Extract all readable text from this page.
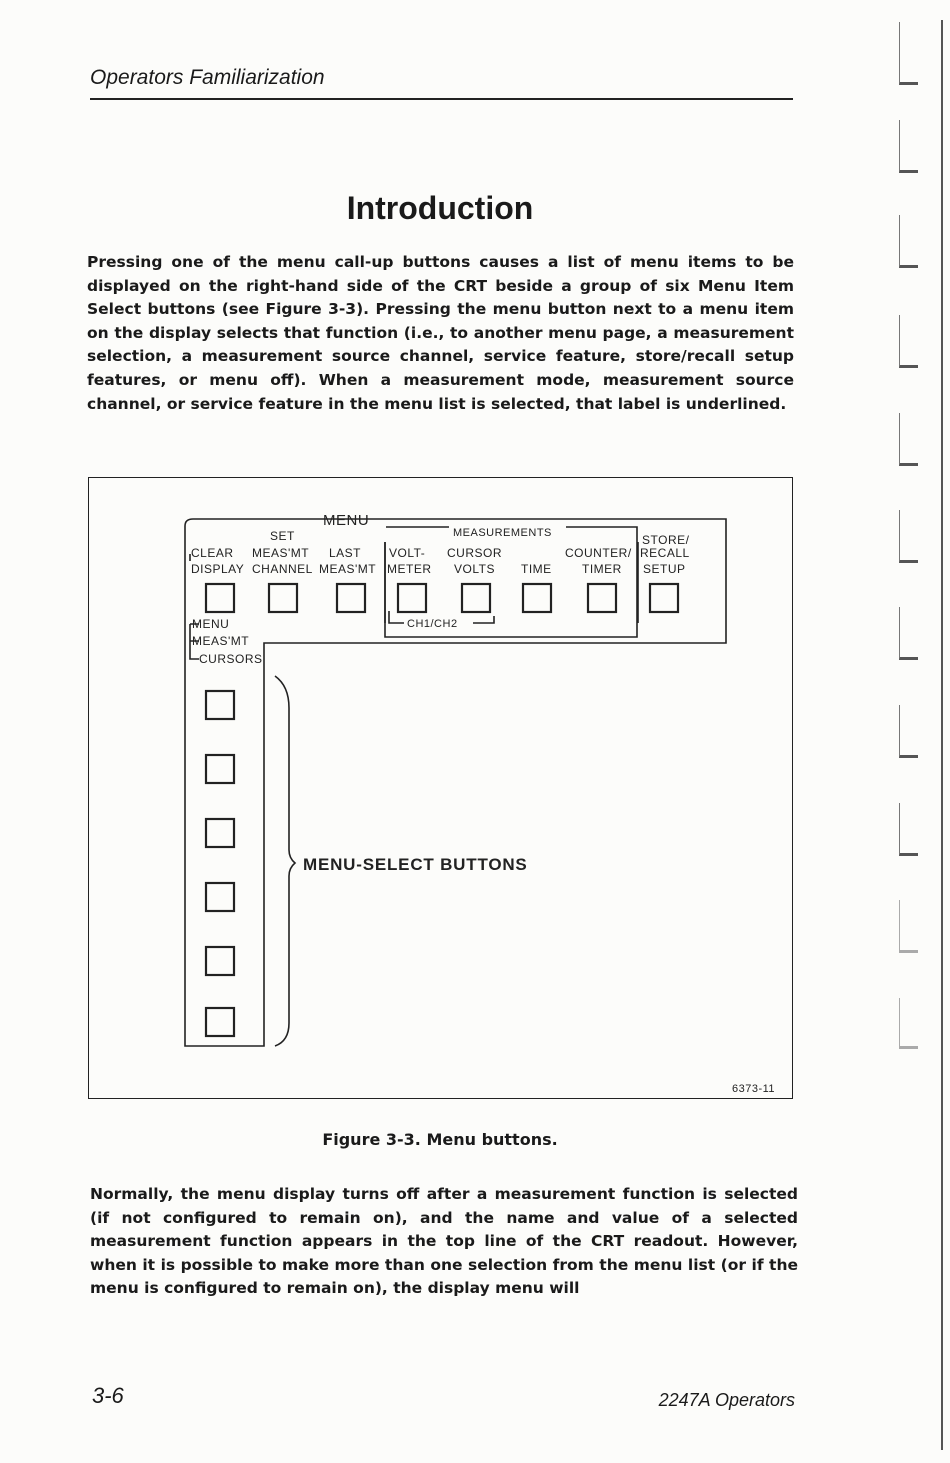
Operators Familiarization
Introduction

Pressing one of the menu call-up buttons causes a list of menu items to be displayed on the right-hand side of the CRT beside a group of six Menu Item Select buttons (see Figure 3-3). Pressing the menu button next to a menu item on the display selects that function (i.e., to another menu page, a measurement selection, a measurement source channel, service feature, store/recall setup features, or menu off). When a measurement mode, measurement source channel, or service feature in the menu list is selected, that label is underlined.

MENU
SET	MEASUREMENTS	STORE/
CLEAR
DISPLAY
MEAS'MT
CHANNEL
LAST
MEAS'MT
VOLT-
METER
CURSOR
VOLTS TIME
COUNTER/
TIMER
RECALL
SETUP
CH1/CH2
MENU
MEAS'MT
CURSORS
MENU-SELECT BUTTONS
6373-11
Figure 3-3. Menu buttons.

Normally, the menu display turns off after a measurement function is selected (if not configured to remain on), and the name and value of a selected measurement function appears in the top line of the CRT readout. However, when it is possible to make more than one selection from the menu list (or if the menu is configured to remain on), the display menu will

3-6	2247A Operators
